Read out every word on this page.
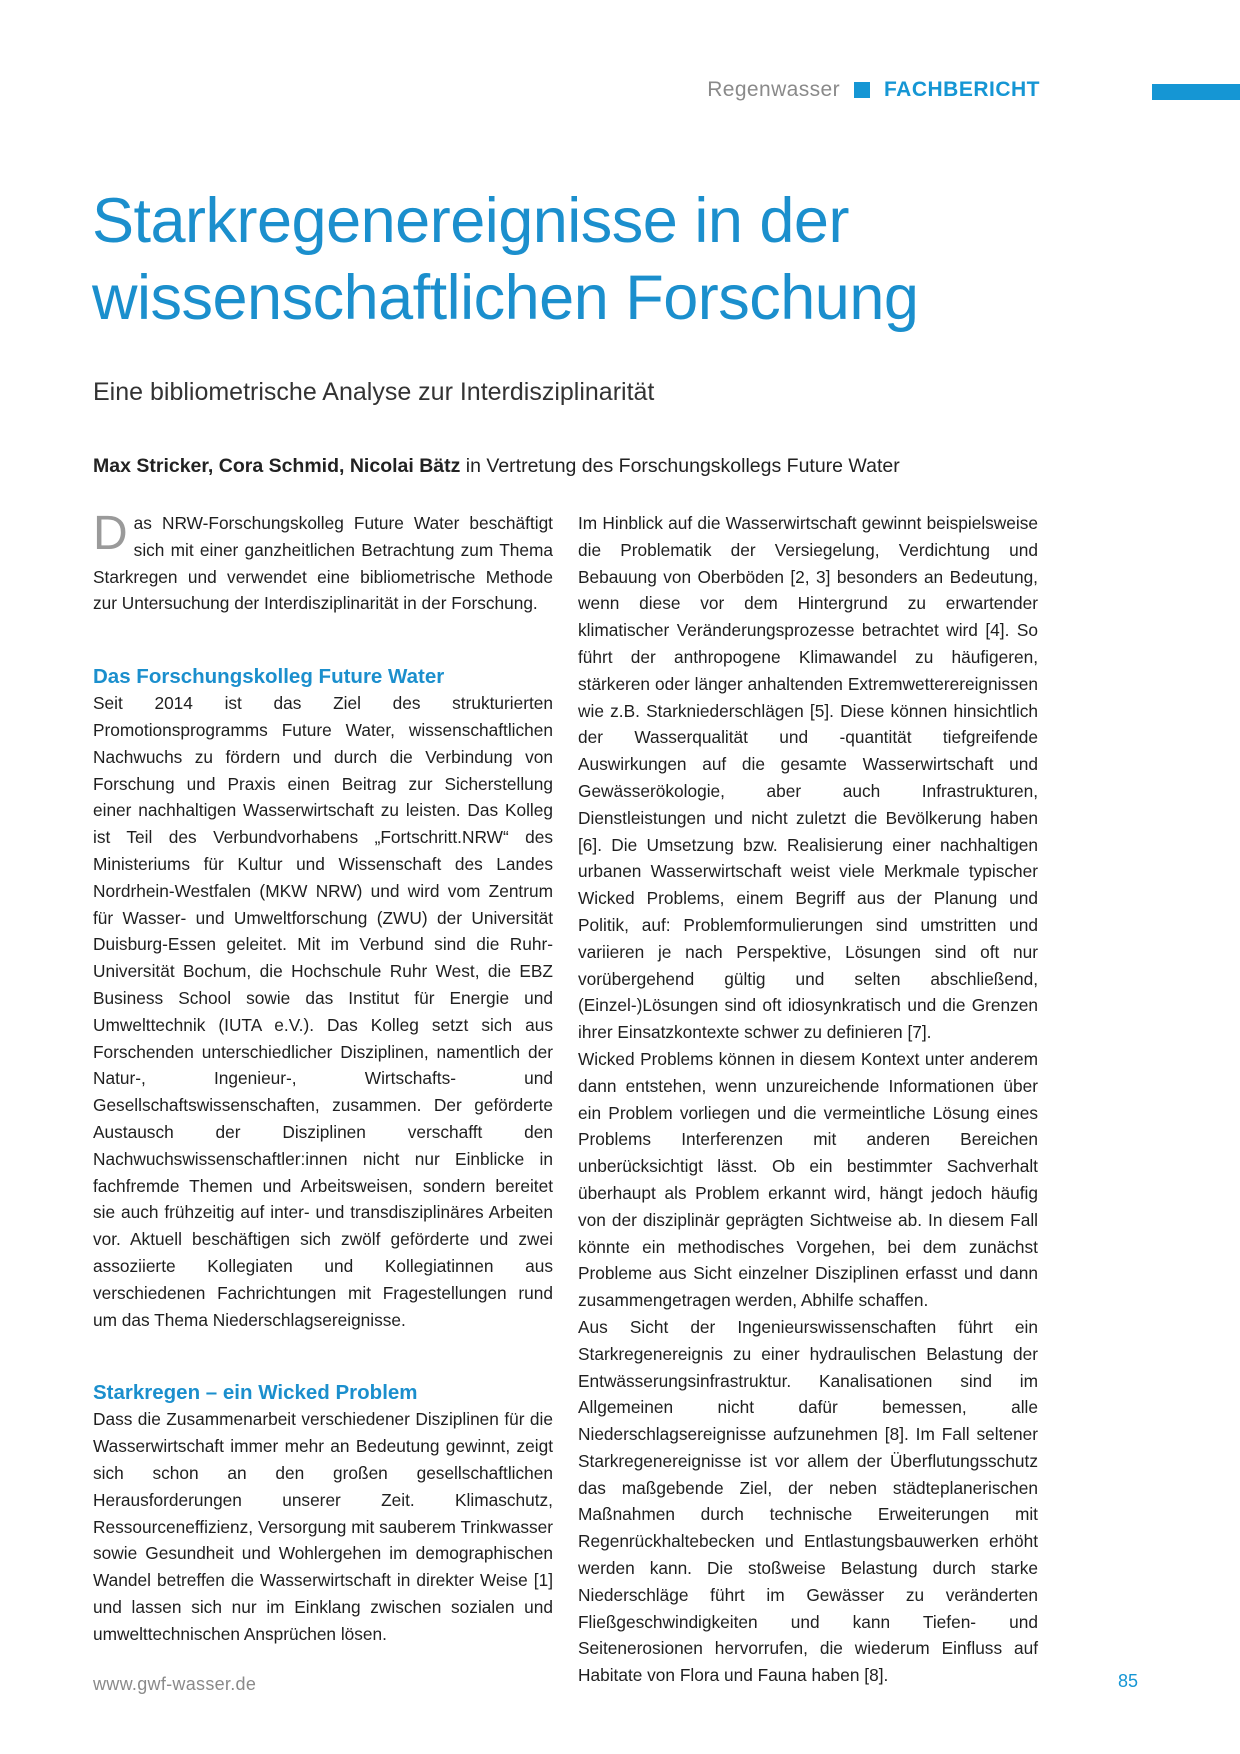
Regenwasser FACHBERICHT
Starkregenereignisse in der wissenschaftlichen Forschung
Eine bibliometrische Analyse zur Interdisziplinarität
Max Stricker, Cora Schmid, Nicolai Bätz in Vertretung des Forschungskollegs Future Water

Das NRW-Forschungskolleg Future Water beschäftigt sich mit einer ganzheitlichen Betrachtung zum Thema Starkregen und verwendet eine bibliometrische Methode zur Untersuchung der Interdisziplinarität in der Forschung.

Das Forschungskolleg Future Water

Seit 2014 ist das Ziel des strukturierten Promotionsprogramms Future Water, wissenschaftlichen Nachwuchs zu fördern und durch die Verbindung von Forschung und Praxis einen Beitrag zur Sicherstellung einer nachhaltigen Wasserwirtschaft zu leisten. Das Kolleg ist Teil des Verbundvorhabens „Fortschritt.NRW“ des Ministeriums für Kultur und Wissenschaft des Landes Nordrhein-Westfalen (MKW NRW) und wird vom Zentrum für Wasser- und Umweltforschung (ZWU) der Universität Duisburg-Essen geleitet. Mit im Verbund sind die Ruhr-Universität Bochum, die Hochschule Ruhr West, die EBZ Business School sowie das Institut für Energie und Umwelttechnik (IUTA e.V.). Das Kolleg setzt sich aus Forschenden unterschiedlicher Disziplinen, namentlich der Natur-, Ingenieur-, Wirtschafts- und Gesellschaftswissenschaften, zusammen. Der geförderte Austausch der Disziplinen verschafft den Nachwuchswissenschaftler:innen nicht nur Einblicke in fachfremde Themen und Arbeitsweisen, sondern bereitet sie auch frühzeitig auf inter- und transdisziplinäres Arbeiten vor. Aktuell beschäftigen sich zwölf geförderte und zwei assoziierte Kollegiaten und Kollegiatinnen aus verschiedenen Fachrichtungen mit Fragestellungen rund um das Thema Niederschlagsereignisse.

Starkregen – ein Wicked Problem

Dass die Zusammenarbeit verschiedener Disziplinen für die Wasserwirtschaft immer mehr an Bedeutung gewinnt, zeigt sich schon an den großen gesellschaftlichen Herausforderungen unserer Zeit. Klimaschutz, Ressourceneffizienz, Versorgung mit sauberem Trinkwasser sowie Gesundheit und Wohlergehen im demographischen Wandel betreffen die Wasserwirtschaft in direkter Weise [1] und lassen sich nur im Einklang zwischen sozialen und umwelttechnischen Ansprüchen lösen.

Im Hinblick auf die Wasserwirtschaft gewinnt beispielsweise die Problematik der Versiegelung, Verdichtung und Bebauung von Oberböden [2, 3] besonders an Bedeutung, wenn diese vor dem Hintergrund zu erwartender klimatischer Veränderungsprozesse betrachtet wird [4]. So führt der anthropogene Klimawandel zu häufigeren, stärkeren oder länger anhaltenden Extremwetterereignissen wie z.B. Starkniederschlägen [5]. Diese können hinsichtlich der Wasserqualität und -quantität tiefgreifende Auswirkungen auf die gesamte Wasserwirtschaft und Gewässerökologie, aber auch Infrastrukturen, Dienstleistungen und nicht zuletzt die Bevölkerung haben [6]. Die Umsetzung bzw. Realisierung einer nachhaltigen urbanen Wasserwirtschaft weist viele Merkmale typischer Wicked Problems, einem Begriff aus der Planung und Politik, auf: Problemformulierungen sind umstritten und variieren je nach Perspektive, Lösungen sind oft nur vorübergehend gültig und selten abschließend, (Einzel-)Lösungen sind oft idiosynkratisch und die Grenzen ihrer Einsatzkontexte schwer zu definieren [7].

Wicked Problems können in diesem Kontext unter anderem dann entstehen, wenn unzureichende Informationen über ein Problem vorliegen und die vermeintliche Lösung eines Problems Interferenzen mit anderen Bereichen unberücksichtigt lässt. Ob ein bestimmter Sachverhalt überhaupt als Problem erkannt wird, hängt jedoch häufig von der disziplinär geprägten Sichtweise ab. In diesem Fall könnte ein methodisches Vorgehen, bei dem zunächst Probleme aus Sicht einzelner Disziplinen erfasst und dann zusammengetragen werden, Abhilfe schaffen.

Aus Sicht der Ingenieurswissenschaften führt ein Starkregenereignis zu einer hydraulischen Belastung der Entwässerungsinfrastruktur. Kanalisationen sind im Allgemeinen nicht dafür bemessen, alle Niederschlagsereignisse aufzunehmen [8]. Im Fall seltener Starkregenereignisse ist vor allem der Überflutungsschutz das maßgebende Ziel, der neben städteplanerischen Maßnahmen durch technische Erweiterungen mit Regenrückhaltebecken und Entlastungsbauwerken erhöht werden kann. Die stoßweise Belastung durch starke Niederschläge führt im Gewässer zu veränderten Fließgeschwindigkeiten und kann Tiefen- und Seitenerosionen hervorrufen, die wiederum Einfluss auf Habitate von Flora und Fauna haben [8].

www.gwf-wasser.de	85
